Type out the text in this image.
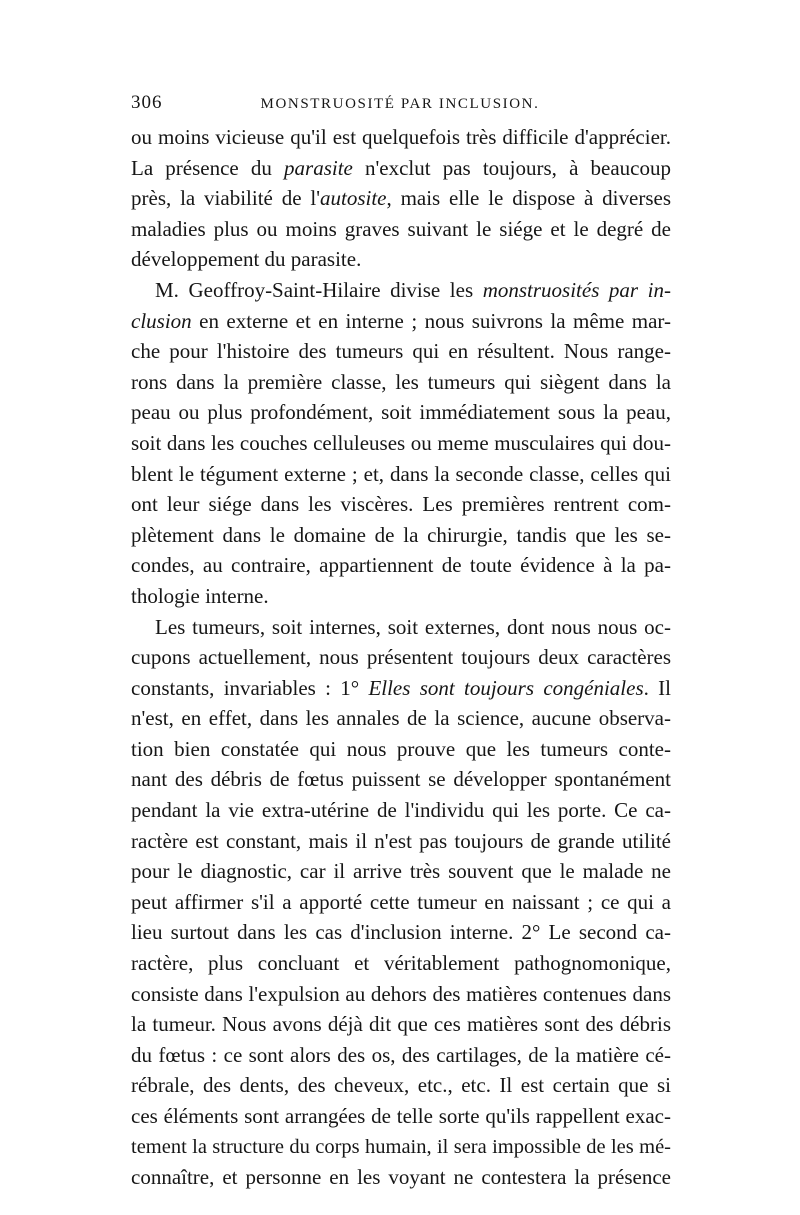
306	MONSTRUOSITÉ PAR INCLUSION.
ou moins vicieuse qu'il est quelquefois très difficile d'apprécier.
La présence du parasite n'exclut pas toujours, à beaucoup
près, la viabilité de l'autosite, mais elle le dispose à diverses
maladies plus ou moins graves suivant le siége et le degré de
développement du parasite.
M. Geoffroy-Saint-Hilaire divise les monstruosités par in-
clusion en externe et en interne ; nous suivrons la même mar-
che pour l'histoire des tumeurs qui en résultent. Nous range-
rons dans la première classe, les tumeurs qui siègent dans la
peau ou plus profondément, soit immédiatement sous la peau,
soit dans les couches celluleuses ou meme musculaires qui dou-
blent le tégument externe ; et, dans la seconde classe, celles qui
ont leur siége dans les viscères. Les premières rentrent com-
plètement dans le domaine de la chirurgie, tandis que les se-
condes, au contraire, appartiennent de toute évidence à la pa-
thologie interne.
Les tumeurs, soit internes, soit externes, dont nous nous oc-
cupons actuellement, nous présentent toujours deux caractères
constants, invariables : 1° Elles sont toujours congéniales. Il
n'est, en effet, dans les annales de la science, aucune observa-
tion bien constatée qui nous prouve que les tumeurs conte-
nant des débris de fœtus puissent se développer spontanément
pendant la vie extra-utérine de l'individu qui les porte. Ce ca-
ractère est constant, mais il n'est pas toujours de grande utilité
pour le diagnostic, car il arrive très souvent que le malade ne
peut affirmer s'il a apporté cette tumeur en naissant ; ce qui a
lieu surtout dans les cas d'inclusion interne. 2° Le second ca-
ractère, plus concluant et véritablement pathognomonique,
consiste dans l'expulsion au dehors des matières contenues dans
la tumeur. Nous avons déjà dit que ces matières sont des débris
du fœtus : ce sont alors des os, des cartilages, de la matière cé-
rébrale, des dents, des cheveux, etc., etc. Il est certain que si
ces éléments sont arrangées de telle sorte qu'ils rappellent exac-
tement la structure du corps humain, il sera impossible de les mé-
connaître, et personne en les voyant ne contestera la présence
